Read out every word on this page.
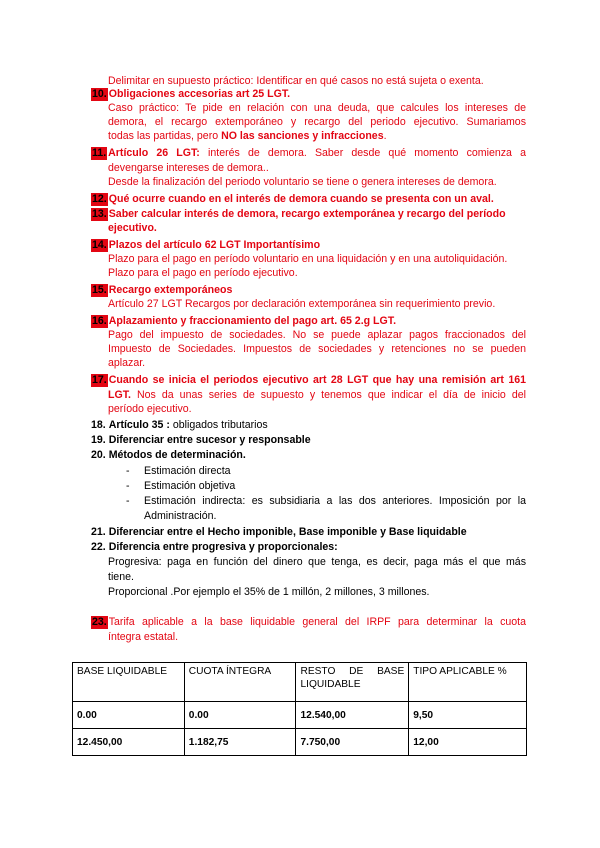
Delimitar en supuesto práctico: Identificar en qué casos no está sujeta o exenta.
10. Obligaciones accesorias art 25 LGT.
Caso práctico: Te pide en relación con una deuda, que calcules los intereses de
demora, el recargo extemporáneo y recargo del periodo ejecutivo. Sumariamos
todas las partidas, pero NO las sanciones y infracciones.
11. Artículo 26 LGT: interés de demora. Saber desde qué momento comienza a
devengarse intereses de demora..
Desde la finalización del periodo voluntario se tiene o genera intereses de demora.
12. Qué ocurre cuando en el interés de demora cuando se presenta con un aval.
13. Saber calcular interés de demora, recargo extemporánea y recargo del período
ejecutivo.
14. Plazos del artículo 62 LGT Importantísimo
Plazo para el pago en período voluntario en una liquidación y en una autoliquidación.
Plazo para el pago en período ejecutivo.
15. Recargo extemporáneos
Artículo 27 LGT Recargos por declaración extemporánea sin requerimiento previo.
16. Aplazamiento y fraccionamiento del pago art. 65 2.g LGT.
Pago del impuesto de sociedades. No se puede aplazar pagos fraccionados del
Impuesto de Sociedades. Impuestos de sociedades y retenciones no se pueden
aplazar.
17. Cuando se inicia el periodos ejecutivo art 28 LGT que hay una remisión art 161
LGT. Nos da unas series de supuesto y tenemos que indicar el día de inicio del
período ejecutivo.
18. Artículo 35 : obligados tributarios
19. Diferenciar entre sucesor y responsable
20. Métodos de determinación.
- Estimación directa
- Estimación objetiva
- Estimación indirecta: es subsidiaria a las dos anteriores. Imposición por la
Administración.
21. Diferenciar entre el Hecho imponible, Base imponible y Base liquidable
22. Diferencia entre progresiva y proporcionales:
Progresiva: paga en función del dinero que tenga, es decir, paga más el que más
tiene.
Proporcional .Por ejemplo el 35% de 1 millón, 2 millones, 3 millones.
23. Tarifa aplicable a la base liquidable general del IRPF para determinar la cuota
íntegra estatal.
BASE LIQUIDABLE	CUOTA ÍNTEGRA	RESTO DE BASE LIQUIDABLE	TIPO APLICABLE %
0.00	0.00	12.540,00	9,50
12.450,00	1.182,75	7.750,00	12,00
